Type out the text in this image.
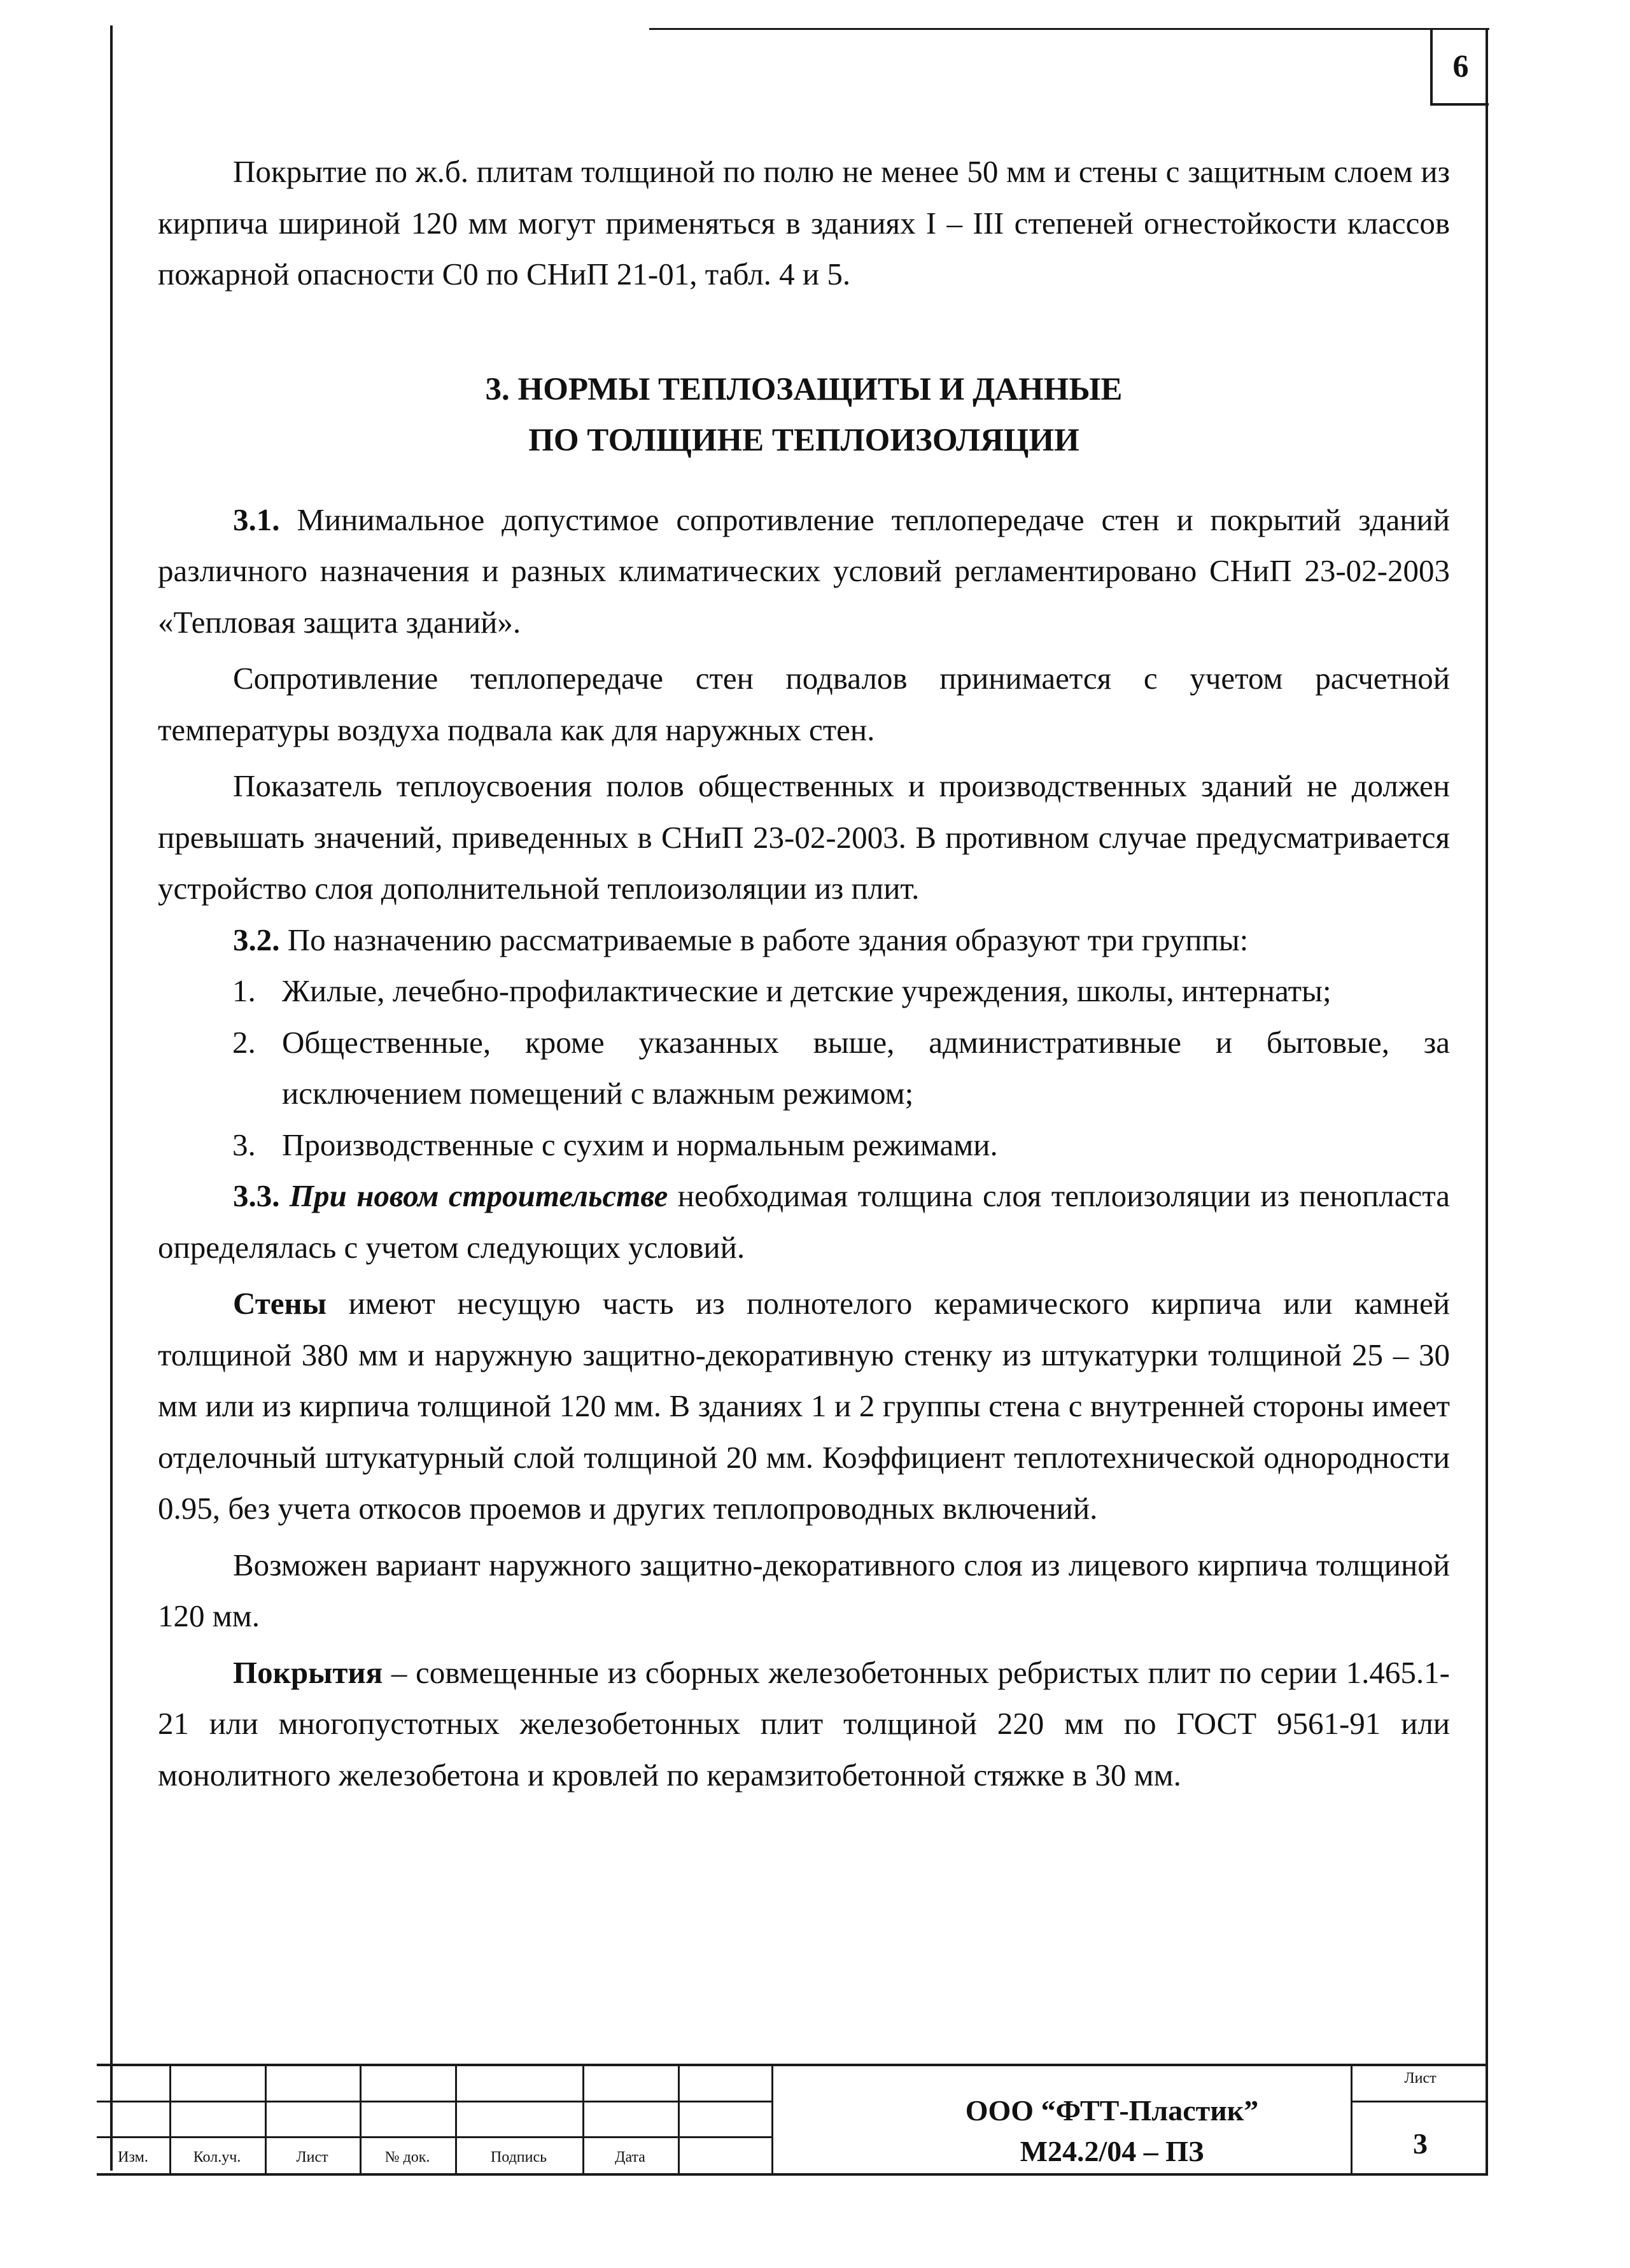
6

Покрытие по ж.б. плитам толщиной по полю не менее 50 мм и стены с защитным слоем из кирпича шириной 120 мм могут применяться в зданиях I – III степеней огнестойкости классов пожарной опасности С0 по СНиП 21-01, табл. 4 и 5.

3. НОРМЫ ТЕПЛОЗАЩИТЫ И ДАННЫЕ
ПО ТОЛЩИНЕ ТЕПЛОИЗОЛЯЦИИ

3.1. Минимальное допустимое сопротивление теплопередаче стен и покрытий зданий различного назначения и разных климатических условий регламентировано СНиП 23-02-2003 «Тепловая защита зданий».

Сопротивление теплопередаче стен подвалов принимается с учетом расчетной температуры воздуха подвала как для наружных стен.

Показатель теплоусвоения полов общественных и производственных зданий не должен превышать значений, приведенных в СНиП 23-02-2003. В противном случае предусматривается устройство слоя дополнительной теплоизоляции из плит.

3.2. По назначению рассматриваемые в работе здания образуют три группы:

1. Жилые, лечебно-профилактические и детские учреждения, школы, интернаты;
2. Общественные, кроме указанных выше, административные и бытовые, за исключением помещений с влажным режимом;
3. Производственные с сухим и нормальным режимами.

3.3. При новом строительстве необходимая толщина слоя теплоизоляции из пенопласта определялась с учетом следующих условий.

Стены имеют несущую часть из полнотелого керамического кирпича или камней толщиной 380 мм и наружную защитно-декоративную стенку из штукатурки толщиной 25 – 30 мм или из кирпича толщиной 120 мм. В зданиях 1 и 2 группы стена с внутренней стороны имеет отделочный штукатурный слой толщиной 20 мм. Коэффициент теплотехнической однородности 0.95, без учета откосов проемов и других теплопроводных включений.

Возможен вариант наружного защитно-декоративного слоя из лицевого кирпича толщиной 120 мм.

Покрытия – совмещенные из сборных железобетонных ребристых плит по серии 1.465.1-21 или многопустотных железобетонных плит толщиной 220 мм по ГОСТ 9561-91 или монолитного железобетона и кровлей по керамзитобетонной стяжке в 30 мм.

Изм.	Кол.уч.	Лист	№ док.	Подпись	Дата
ООО “ФТТ-Пластик”
М24.2/04 – ПЗ
Лист
3
